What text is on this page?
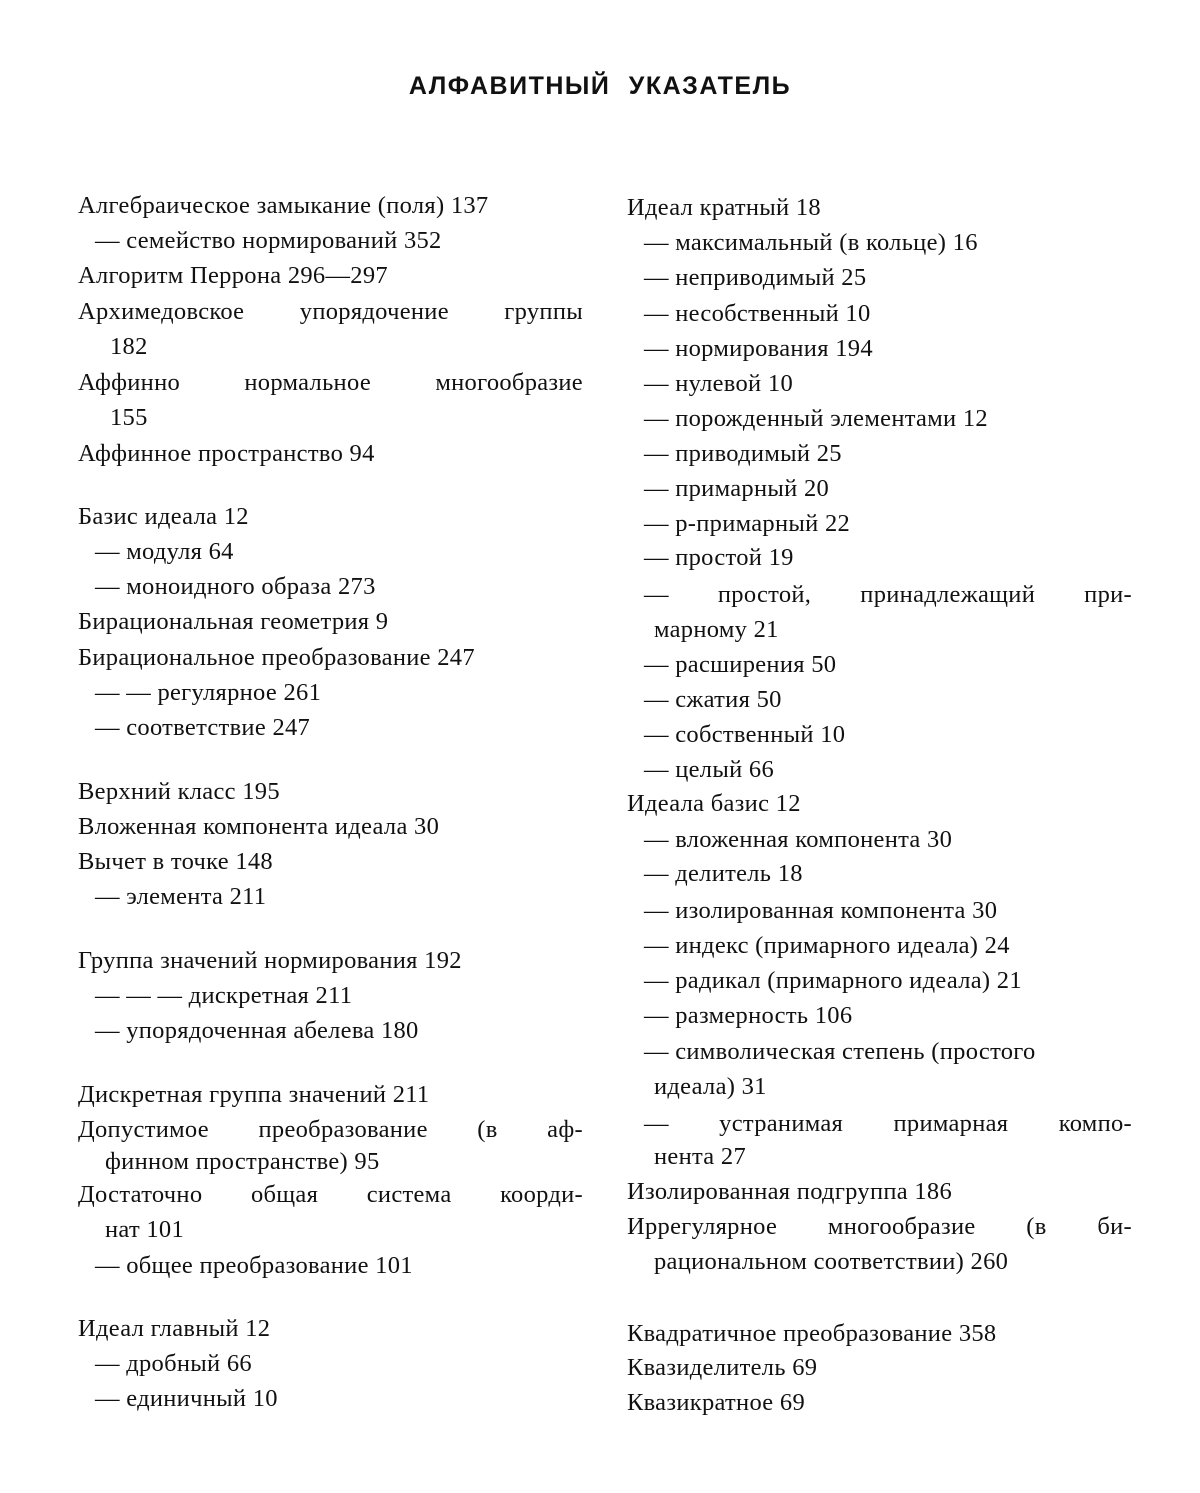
АЛФАВИТНЫЙ УКАЗАТЕЛЬ
Алгебраическое замыкание (поля) 137
— семейство нормирований 352
Алгоритм Перрона 296—297
Архимедовское упорядочение группы
182
Аффинно нормальное многообразие
155
Аффинное пространство 94
Базис идеала 12
— модуля 64
— моноидного образа 273
Бирациональная геометрия 9
Бирациональное преобразование 247
— — регулярное 261
— соответствие 247
Верхний класс 195
Вложенная компонента идеала 30
Вычет в точке 148
— элемента 211
Группа значений нормирования 192
— — — дискретная 211
— упорядоченная абелева 180
Дискретная группа значений 211
Допустимое преобразование (в аф-
финном пространстве) 95
Достаточно общая система коорди-
нат 101
— общее преобразование 101
Идеал главный 12
— дробный 66
— единичный 10
Идеал кратный 18
— максимальный (в кольце) 16
— неприводимый 25
— несобственный 10
— нормирования 194
— нулевой 10
— порожденный элементами 12
— приводимый 25
— примарный 20
— р-примарный 22
— простой 19
— простой, принадлежащий при-
марному 21
— расширения 50
— сжатия 50
— собственный 10
— целый 66
Идеала базис 12
— вложенная компонента 30
— делитель 18
— изолированная компонента 30
— индекс (примарного идеала) 24
— радикал (примарного идеала) 21
— размерность 106
— символическая степень (простого
идеала) 31
— устранимая примарная компо-
нента 27
Изолированная подгруппа 186
Иррегулярное многообразие (в би-
рациональном соответствии) 260
Квадратичное преобразование 358
Квазиделитель 69
Квазикратное 69
